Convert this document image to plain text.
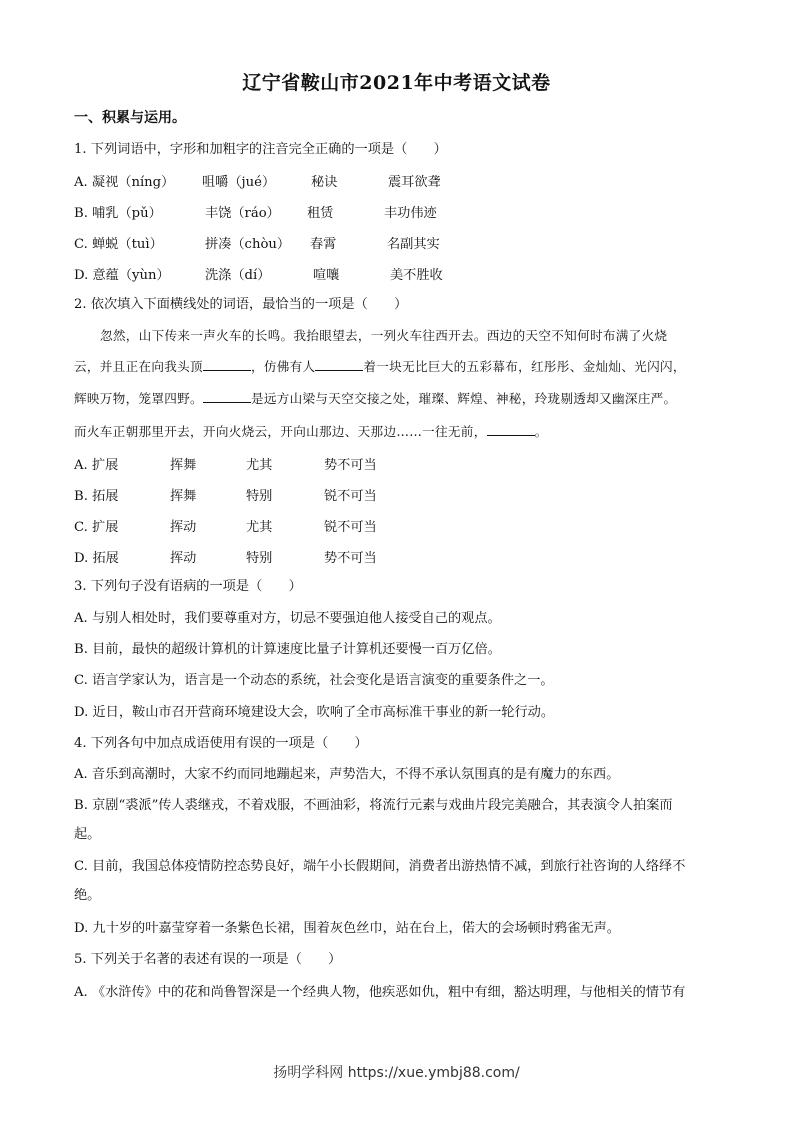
辽宁省鞍山市2021年中考语文试卷
一、积累与运用。
1. 下列词语中，字形和加粗字的注音完全正确的一项是（　　）
A. 凝视（níng） 咀嚼（jué）	秘诀	震耳欲聋
B. 哺乳（pǔ）	丰饶（ráo） 租赁	丰功伟迹
C. 蝉蜕（tuì）	拼凑（chòu） 春霄	名副其实
D. 意蕴（yùn）	洗涤（dí）	喧嚷	美不胜收
2. 依次填入下面横线处的词语，最恰当的一项是（　　）
忽然，山下传来一声火车的长鸣。我抬眼望去，一列火车往西开去。西边的天空不知何时布满了火烧
云，并且正在向我头顶	，仿佛有人	着一块无比巨大的五彩幕布，红彤彤、金灿灿、光闪闪，
辉映万物，笼罩四野。	是远方山梁与天空交接之处，璀璨、辉煌、神秘，玲珑剔透却又幽深庄严。
而火车正朝那里开去，开向火烧云，开向山那边、天那边……一往无前，	。
A. 扩展	挥舞	尤其	势不可当
B. 拓展	挥舞	特别	锐不可当
C. 扩展	挥动	尤其	锐不可当
D. 拓展	挥动	特别	势不可当
3. 下列句子没有语病的一项是（　　）
A. 与别人相处时，我们要尊重对方，切忌不要强迫他人接受自己的观点。
B. 目前，最快的超级计算机的计算速度比量子计算机还要慢一百万亿倍。
C. 语言学家认为，语言是一个动态的系统，社会变化是语言演变的重要条件之一。
D. 近日，鞍山市召开营商环境建设大会，吹响了全市高标准干事业的新一轮行动。
4. 下列各句中加点成语使用有误的一项是（　　）
A. 音乐到高潮时，大家不约而同地蹦起来，声势浩大，不得不承认氛围真的是有魔力的东西。
B. 京剧“裘派”传人裘继戎，不着戏服，不画油彩，将流行元素与戏曲片段完美融合，其表演令人拍案而
起。
C. 目前，我国总体疫情防控态势良好，端午小长假期间，消费者出游热情不减，到旅行社咨询的人络绎不
绝。
D. 九十岁的叶嘉莹穿着一条紫色长裙，围着灰色丝巾，站在台上，偌大的会场顿时鸦雀无声。
5. 下列关于名著的表述有误的一项是（　　）
A. 《水浒传》中的花和尚鲁智深是一个经典人物，他疾恶如仇，粗中有细，豁达明理，与他相关的情节有
扬明学科网 https://xue.ymbj88.com/
